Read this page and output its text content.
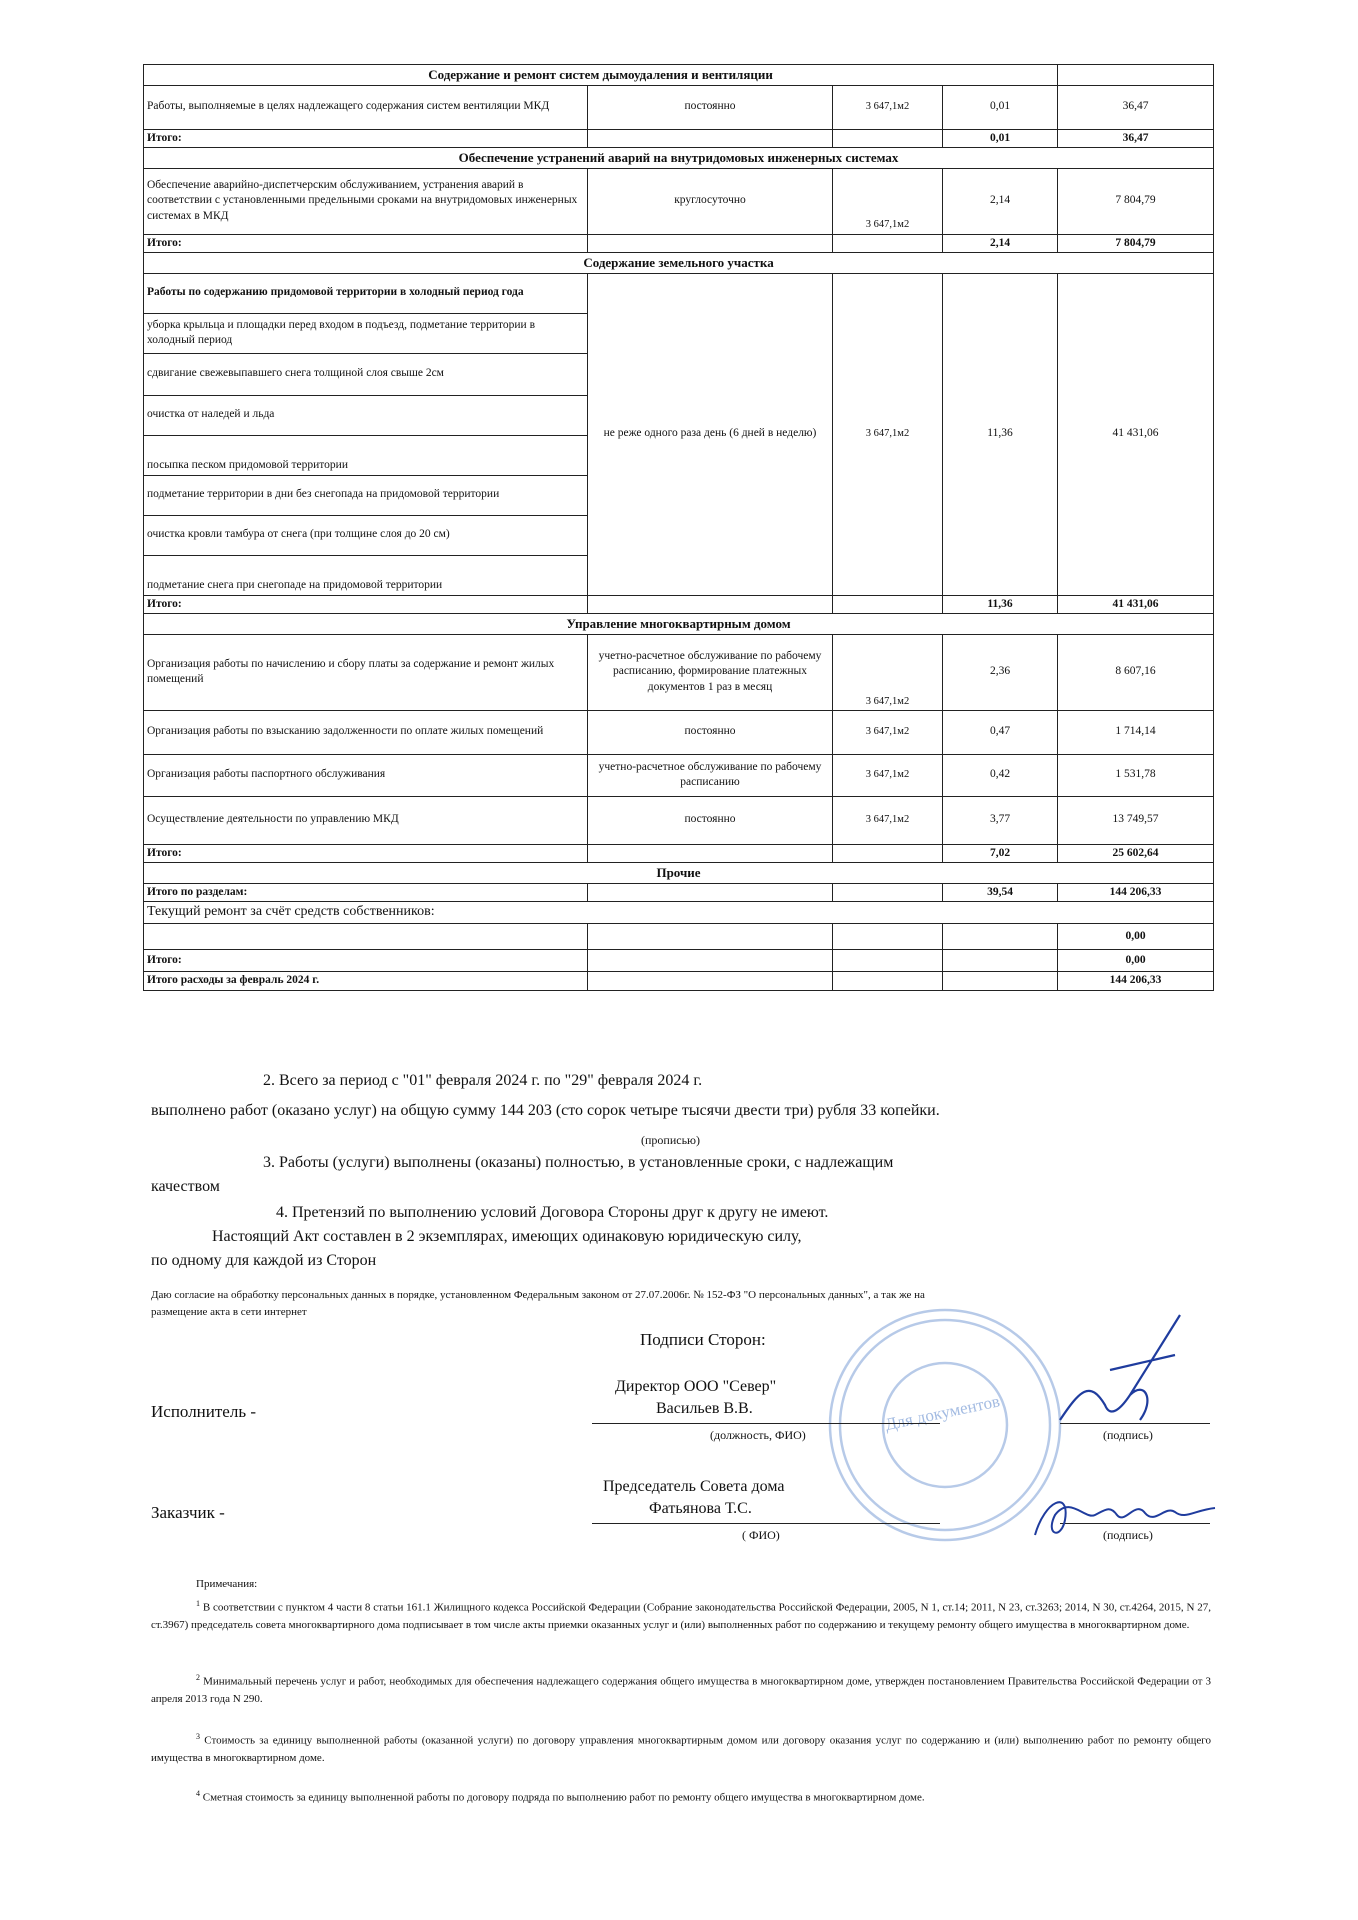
Содержание и ремонт систем дымоудаления и вентиляции				
Работы, выполняемые в целях надлежащего содержания систем вентиляции МКД	постоянно	3 647,1м2	0,01	36,47
Итого:			0,01	36,47
Обеспечение устранений аварий на внутридомовых инженерных системах				
Обеспечение аварийно-диспетчерским обслуживанием, устранения аварий в соответствии с установленными предельными сроками на внутридомовых инженерных системах в МКД	круглосуточно	3 647,1м2	2,14	7 804,79
Итого:			2,14	7 804,79
Содержание земельного участка				
Работы по содержанию придомовой территории в холодный период года	не реже одного раза день (6 дней в неделю)	3 647,1м2	11,36	41 431,06
уборка крыльца и площадки перед входом в подъезд, подметание территории в холодный период				
сдвигание свежевыпавшего снега толщиной слоя свыше 2см				
очистка от наледей и льда				
посыпка песком придомовой территории				
подметание территории в дни без снегопада на придомовой территории				
очистка кровли тамбура от снега (при толщине слоя до 20 см)				
подметание снега при снегопаде на придомовой территории				
Итого:			11,36	41 431,06
Управление многоквартирным домом				
Организация работы по начислению и сбору платы за содержание и ремонт жилых помещений	учетно-расчетное обслуживание по рабочему расписанию, формирование платежных документов 1 раз в месяц	3 647,1м2	2,36	8 607,16
Организация работы по взысканию задолженности по оплате жилых помещений	постоянно	3 647,1м2	0,47	1 714,14
Организация работы паспортного обслуживания	учетно-расчетное обслуживание по рабочему расписанию	3 647,1м2	0,42	1 531,78
Осуществление деятельности по управлению МКД	постоянно	3 647,1м2	3,77	13 749,57
Итого:			7,02	25 602,64
Прочие				
Итого по разделам:			39,54	144 206,33
Текущий ремонт за счёт средств собственников:				
				0,00
Итого:				0,00
Итого расходы за февраль 2024 г.				144 206,33
2. Всего за период с "01" февраля 2024 г. по "29" февраля 2024 г.
выполнено работ (оказано услуг) на общую сумму 144 203 (сто сорок четыре тысячи двести три) рубля 33 копейки.
(прописью)
3. Работы (услуги) выполнены (оказаны) полностью, в установленные сроки, с надлежащим
качеством
4. Претензий по выполнению условий Договора Стороны друг к другу не имеют.
Настоящий Акт составлен в 2 экземплярах, имеющих одинаковую юридическую силу,
по одному для каждой из Сторон
Даю согласие на обработку персональных данных в порядке, установленном Федеральным законом от 27.07.2006г. № 152-ФЗ "О персональных данных", а так же на
размещение акта в сети интернет
Для документов
Подписи Сторон:
Исполнитель -
Директор ООО "Север"
Васильев В.В.
(должность, ФИО)	(подпись)
Заказчик -
Председатель Совета дома
Фатьянова Т.С.
( ФИО)	(подпись)
Примечания:
$^1$ В соответствии с пунктом 4 части 8 статьи 161.1 Жилищного кодекса Российской Федерации (Собрание законодательства Российской Федерации, 2005, N 1, ст.14; 2011, N 23, ст.3263; 2014, N 30, ст.4264, 2015, N 27, ст.3967) председатель совета многоквартирного дома подписывает в том числе акты приемки оказанных услуг и (или) выполненных работ по содержанию и текущему ремонту общего имущества в многоквартирном доме.
$^2$ Минимальный перечень услуг и работ, необходимых для обеспечения надлежащего содержания общего имущества в многоквартирном доме, утвержден постановлением Правительства Российской Федерации от 3 апреля 2013 года N 290.
$^3$ Стоимость за единицу выполненной работы (оказанной услуги) по договору управления многоквартирным домом или договору оказания услуг по содержанию и (или) выполнению работ по ремонту общего имущества в многоквартирном доме.
$^4$ Сметная стоимость за единицу выполненной работы по договору подряда по выполнению работ по ремонту общего имущества в многоквартирном доме.
